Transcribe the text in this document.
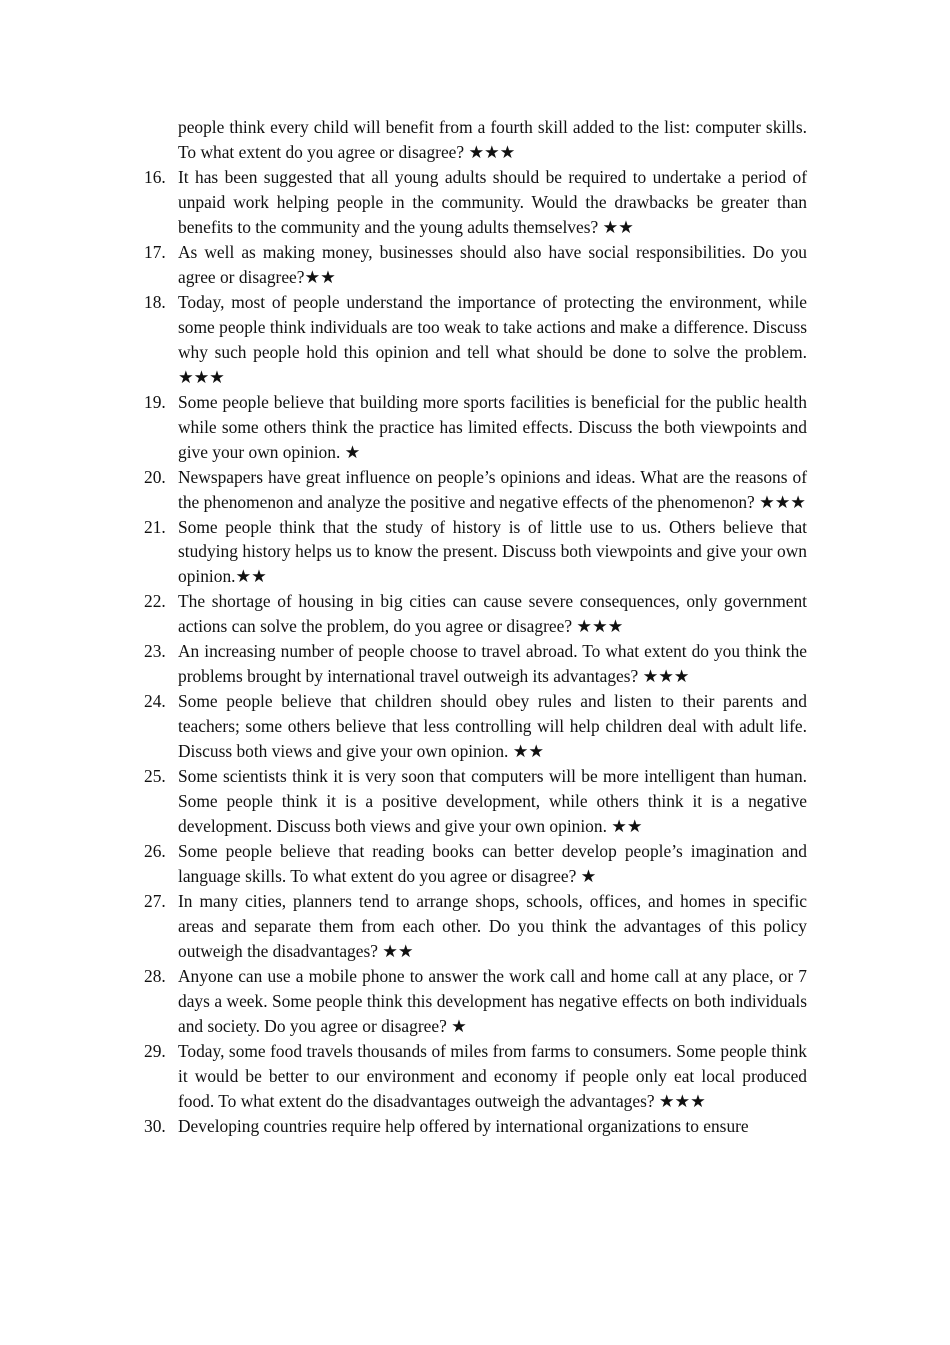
people think every child will benefit from a fourth skill added to the list: computer skills. To what extent do you agree or disagree? ★★★

16. It has been suggested that all young adults should be required to undertake a period of unpaid work helping people in the community. Would the drawbacks be greater than benefits to the community and the young adults themselves? ★★

17. As well as making money, businesses should also have social responsibilities. Do you agree or disagree?★★

18. Today, most of people understand the importance of protecting the environment, while some people think individuals are too weak to take actions and make a difference. Discuss why such people hold this opinion and tell what should be done to solve the problem. ★★★

19. Some people believe that building more sports facilities is beneficial for the public health while some others think the practice has limited effects. Discuss the both viewpoints and give your own opinion. ★

20. Newspapers have great influence on people’s opinions and ideas. What are the reasons of the phenomenon and analyze the positive and negative effects of the phenomenon? ★★★

21. Some people think that the study of history is of little use to us. Others believe that studying history helps us to know the present. Discuss both viewpoints and give your own opinion.★★

22. The shortage of housing in big cities can cause severe consequences, only government actions can solve the problem, do you agree or disagree? ★★★

23. An increasing number of people choose to travel abroad. To what extent do you think the problems brought by international travel outweigh its advantages? ★★★

24. Some people believe that children should obey rules and listen to their parents and teachers; some others believe that less controlling will help children deal with adult life. Discuss both views and give your own opinion. ★★

25. Some scientists think it is very soon that computers will be more intelligent than human. Some people think it is a positive development, while others think it is a negative development. Discuss both views and give your own opinion. ★★

26. Some people believe that reading books can better develop people’s imagination and language skills. To what extent do you agree or disagree? ★

27. In many cities, planners tend to arrange shops, schools, offices, and homes in specific areas and separate them from each other. Do you think the advantages of this policy outweigh the disadvantages? ★★

28. Anyone can use a mobile phone to answer the work call and home call at any place, or 7 days a week. Some people think this development has negative effects on both individuals and society. Do you agree or disagree? ★

29. Today, some food travels thousands of miles from farms to consumers. Some people think it would be better to our environment and economy if people only eat local produced food. To what extent do the disadvantages outweigh the advantages? ★★★

30. Developing countries require help offered by international organizations to ensure
